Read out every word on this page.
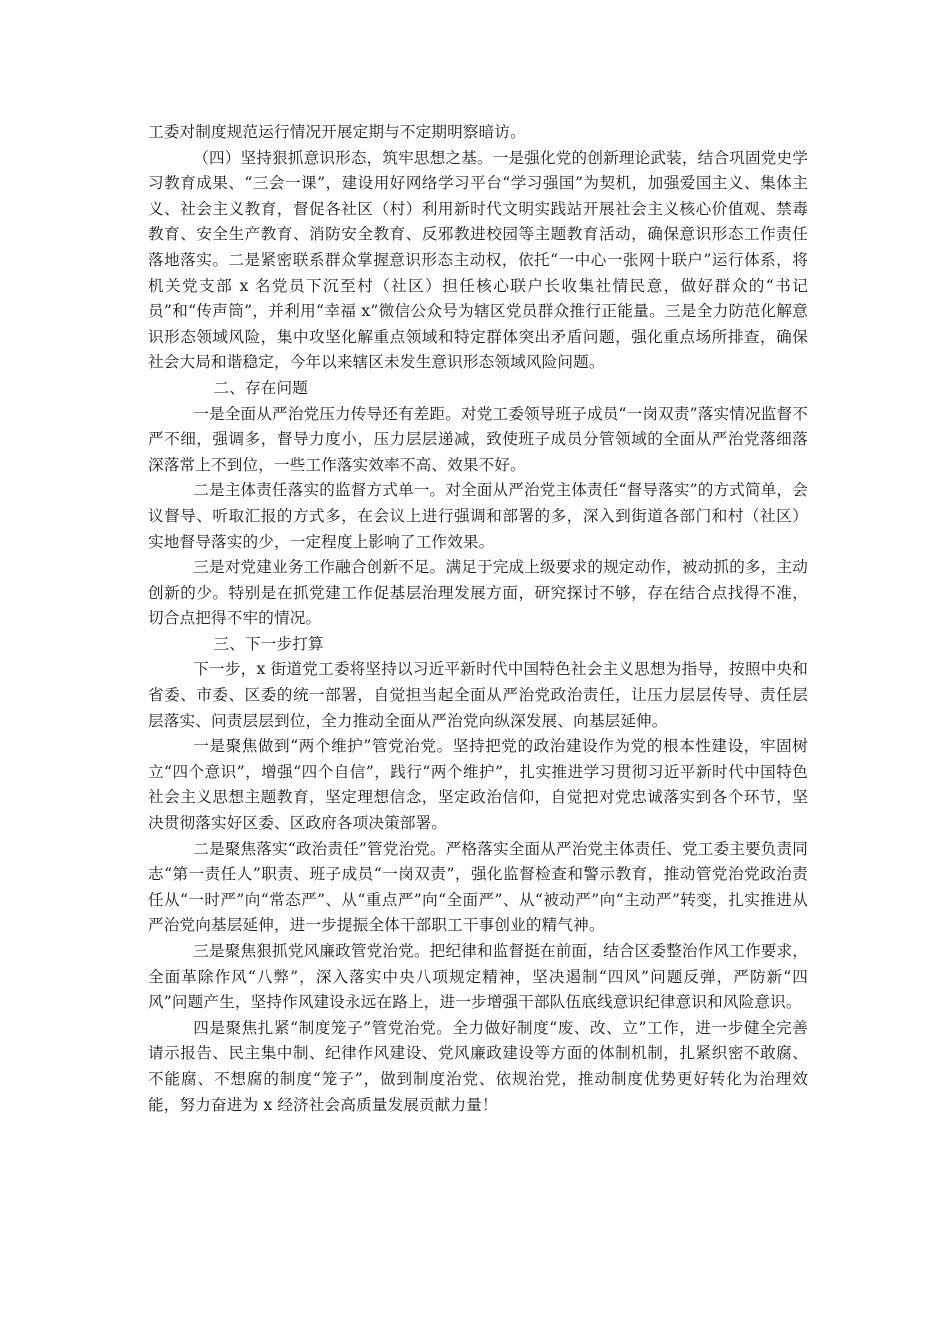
工委对制度规范运行情况开展定期与不定期明察暗访。

（四）坚持狠抓意识形态，筑牢思想之基。一是强化党的创新理论武装，结合巩固党史学习教育成果、“三会一课”，建设用好网络学习平台“学习强国”为契机，加强爱国主义、集体主义、社会主义教育，督促各社区（村）利用新时代文明实践站开展社会主义核心价值观、禁毒教育、安全生产教育、消防安全教育、反邪教进校园等主题教育活动，确保意识形态工作责任落地落实。二是紧密联系群众掌握意识形态主动权，依托“一中心一张网十联户”运行体系，将机关党支部 x 名党员下沉至村（社区）担任核心联户长收集社情民意，做好群众的“书记员”和“传声筒”，并利用“幸福 x”微信公众号为辖区党员群众推行正能量。三是全力防范化解意识形态领域风险，集中攻坚化解重点领域和特定群体突出矛盾问题，强化重点场所排查，确保社会大局和谐稳定，今年以来辖区未发生意识形态领域风险问题。

二、存在问题

一是全面从严治党压力传导还有差距。对党工委领导班子成员“一岗双责”落实情况监督不严不细，强调多，督导力度小，压力层层递减，致使班子成员分管领域的全面从严治党落细落深落常上不到位，一些工作落实效率不高、效果不好。

二是主体责任落实的监督方式单一。对全面从严治党主体责任“督导落实”的方式简单，会议督导、听取汇报的方式多，在会议上进行强调和部署的多，深入到街道各部门和村（社区）实地督导落实的少，一定程度上影响了工作效果。

三是对党建业务工作融合创新不足。满足于完成上级要求的规定动作，被动抓的多，主动创新的少。特别是在抓党建工作促基层治理发展方面，研究探讨不够，存在结合点找得不准，切合点把得不牢的情况。

三、下一步打算

下一步，x 街道党工委将坚持以习近平新时代中国特色社会主义思想为指导，按照中央和省委、市委、区委的统一部署，自觉担当起全面从严治党政治责任，让压力层层传导、责任层层落实、问责层层到位，全力推动全面从严治党向纵深发展、向基层延伸。

一是聚焦做到“两个维护”管党治党。坚持把党的政治建设作为党的根本性建设，牢固树立“四个意识”，增强“四个自信”，践行“两个维护”，扎实推进学习贯彻习近平新时代中国特色社会主义思想主题教育，坚定理想信念，坚定政治信仰，自觉把对党忠诚落实到各个环节，坚决贯彻落实好区委、区政府各项决策部署。

二是聚焦落实“政治责任”管党治党。严格落实全面从严治党主体责任、党工委主要负责同志“第一责任人”职责、班子成员“一岗双责”，强化监督检查和警示教育，推动管党治党政治责任从“一时严”向“常态严”、从“重点严”向“全面严”、从“被动严”向“主动严”转变，扎实推进从严治党向基层延伸，进一步提振全体干部职工干事创业的精气神。

三是聚焦狠抓党风廉政管党治党。把纪律和监督挺在前面，结合区委整治作风工作要求，全面革除作风“八弊”，深入落实中央八项规定精神，坚决遏制“四风”问题反弹，严防新“四风”问题产生，坚持作风建设永远在路上，进一步增强干部队伍底线意识纪律意识和风险意识。

四是聚焦扎紧“制度笼子”管党治党。全力做好制度“废、改、立”工作，进一步健全完善请示报告、民主集中制、纪律作风建设、党风廉政建设等方面的体制机制，扎紧织密不敢腐、不能腐、不想腐的制度“笼子”，做到制度治党、依规治党，推动制度优势更好转化为治理效能，努力奋进为 x 经济社会高质量发展贡献力量！
